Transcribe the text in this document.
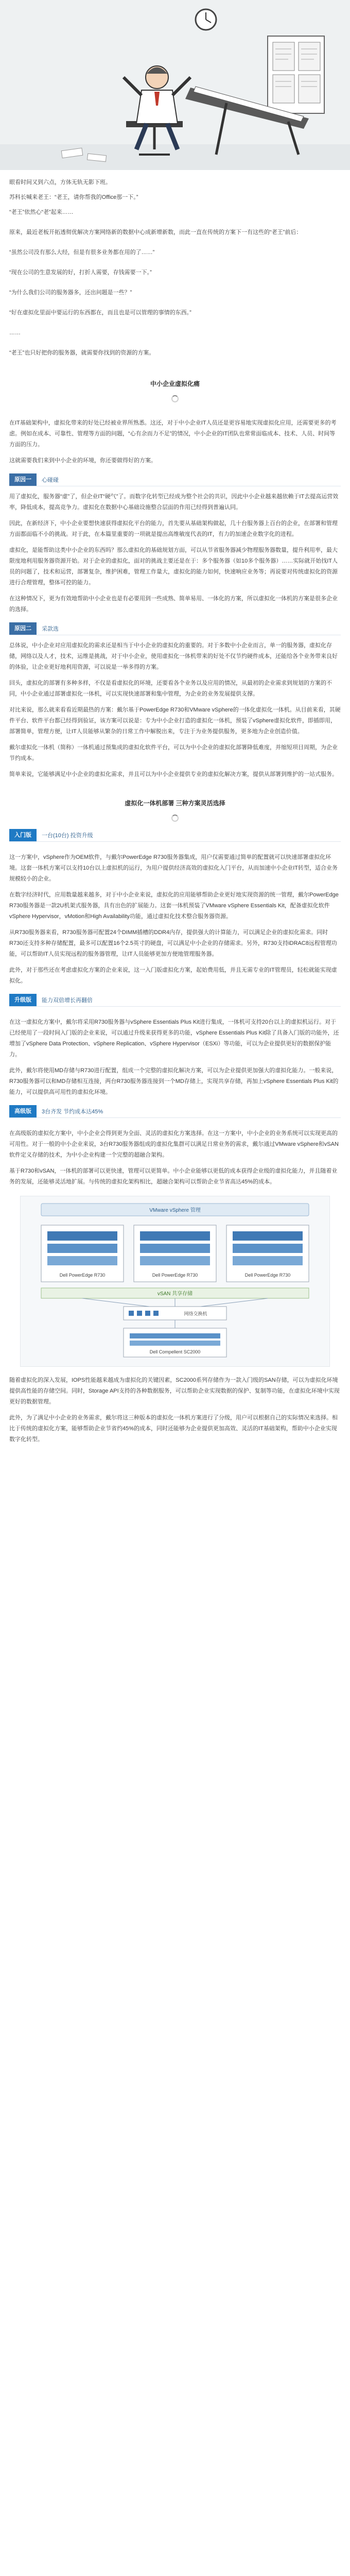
眼看时间又到六点，方体无轨无影下班。

苏科长喊来老王：“老王，请你帮我的Office那一下。”

“老王”依然心“老”起来……

原来，最近老板开拓透彻优解决方案网络新的数据中心成新增新数，而此一直在传统的方案下一有这些的“老王”前后：

“虽然公司没有那么大经，但是有很多业务都在用的了……”

“现在公司的生意发展的好，打折人需要，存钱需要一下。”

“为什么我们公司的服务器多，还出问题是一些？”

“好在虚拟化里面中要运行的东西都在，而且也是可以管理的事情的东西。”

……

“老王”也只好把你的服务器，就需要你找到的资源的方案。

中小企业虚拟化痛

在IT基础架构中，虚拟化带来的好处已经被业界所熟悉。这还，对于中小企业IT人员还是更容易地实现虚拟化应用，还需要更多的考虑。例如在成本、可靠性、管理等方面的问题，“心有余而力不足”的情况，中小企业的IT团队也常常面临成本、技术、人员、时间等方面的压力。

这就需要我们来到中小企业的环境，你还要做得好的方案。

原因一	心碰碰

用了虚拟化，服务器“虚”了，但企业IT“硬气”了。而数字化转型已经成为整个社会的共识，因此中小企业越来越依赖于IT去提高运营效率，降低成本，提高竞争力。虚拟化在数据中心基础设施整合层面的作用已经得到普遍认同。

因此，在新经济下，中小企业要想快速获得虚拟化平台的能力，首先要从基础架构做起，几十台服务器上百台的企业，在部署和管理方面都面临不小的挑战。对于此，在本篇里重要的一项就是提出高维敏度代表的IT，有力的加速企业数字化的进程。

虚拟化，是能帮助这类中小企业的东西吗？那么虚拟化的基础规划方面，可以从节省服务器减少物理服务器数量，提升利用率，最大限度地利用服务器资源开始。对于企业的虚拟化，面对的挑战主要还是在于：多个服务器（如10多个服务器）……实际就开始找IT人员的问题了，技术和运营，部署复杂，维护困难，管理工作量大，虚拟化的能力如何，快速响应业务等；再说要对传统虚拟化的资源进行合理管理，整体可控的能力。

在这种情况下，更为有效地帮助中小企业也是有必要用到一些成熟、简单易用、一体化的方案，所以虚拟化一体机的方案是很多企业的选择。

原因二	采款选

总体说，中小企业对应用虚拟化的需求还是相当于中小企业的虚拟化的重要的。对于多数中小企业而言，单一的服务器，虚拟化存储，网络以及人才，技术，运维是挑战，对于中小企业，使用虚拟化一体机带来的好处不仅节约硬件成本，还能给各个业务带来良好的体验，让企业更好地利用资源，可以说是一举多得的方案。

回头，虚拟化的部署有多种多样，不仅是看虚拟化的环境，还要看各个业务以及应用的情况，从最初的企业需求到规划的方案的不同，中小企业通过部署虚拟化一体机，可以实现快速部署和集中管理，为企业的业务发展提供支撑。

对比来说，那么就来看看近期最热的方案：戴尔基于PowerEdge R730和VMware vSphere的一体化虚拟化一体机。从目前来看，其硬件平台、软件平台都已经得到验证，该方案可以说是：专为中小企业打造的虚拟化一体机，预装了vSphere虚拟化软件，即插即用，部署简单，管理方便，让IT人员能够从繁杂的日常工作中解脱出来，专注于为业务提供服务，更多地为企业创造价值。

戴尔虚拟化一体机（简称）一体机通过预集成的虚拟化软件平台，可以为中小企业的虚拟化部署降低难度，并缩短项目周期，为企业节约成本。

简单来说，它能够满足中小企业的虚拟化需求，并且可以为中小企业提供专业的虚拟化解决方案，提供从部署到维护的一站式服务。

虚拟化一体机部署 三种方案灵活选择
入门版	一台(10台) 投资升级

这一方案中，vSphere作为OEM软件，与戴尔PowerEdge R730服务器集成，用户仅需要通过简单的配置就可以快速部署虚拟化环境。这套一体机方案可以支持10台以上虚拟机的运行，为用户提供经济高效的虚拟化入门平台，从而加速中小企业IT转型，适合业务规模较小的企业。

在数字经济时代，应用数量越来越多，对于中小企业来说，虚拟化的应用能够帮助企业更好地实现资源的统一管理，戴尔PowerEdge R730服务器是一款2U机架式服务器，具有出色的扩展能力。这套一体机预装了VMware vSphere Essentials Kit，配备虚拟化软件vSphere Hypervisor，vMotion和High Availability功能，通过虚拟化技术整合服务器资源。

从R730服务器来看，R730服务器可配置24个DIMM插槽的DDR4内存，提供强大的计算能力，可以满足企业的虚拟化需求。同时R730还支持多种存储配置，最多可以配置16个2.5英寸的硬盘，可以满足中小企业的存储需求。另外，R730支持iDRAC8远程管理功能，可以帮助IT人员实现远程的服务器管理，让IT人员能够更加方便地管理服务器。

此外，对于那些还在考虑虚拟化方案的企业来说，这一入门版虚拟化方案，起始费用低，并且无需专业的IT管理员，轻松就能实现虚拟化。

升级版	能力双倍增长再翻倍

在这一虚拟化方案中，戴尔将采用R730服务器与vSphere Essentials Plus Kit进行集成，一体机可支持20台以上的虚拟机运行。对于已经使用了一段时间入门版的企业来说，可以通过升级来获得更多的功能，vSphere Essentials Plus Kit除了具备入门版的功能外，还增加了vSphere Data Protection、vSphere Replication、vSphere Hypervisor（ESXi）等功能，可以为企业提供更好的数据保护能力。

此外，戴尔将使用MD存储与R730进行配置，组成一个完整的虚拟化解决方案，可以为企业提供更加强大的虚拟化能力。一般来说，R730服务器可以和MD存储相互连接，两台R730服务器连接到一个MD存储上，实现共享存储，再加上vSphere Essentials Plus Kit的能力，可以提供高可用性的虚拟化环境。

高级版	3台齐发 节约成本达45%

在高级版的虚拟化方案中，中小企业会得到更为全面、灵活的虚拟化方案选择。在这一方案中，中小企业的业务系统可以实现更高的可用性。对于一般的中小企业来说，3台R730服务器组成的虚拟化集群可以满足日常业务的需求，戴尔通过VMware vSphere和vSAN软件定义存储的技术，为中小企业构建一个完整的超融合架构。

基于R730和vSAN，一体机的部署可以更快速，管理可以更简单。中小企业能够以更低的成本获得企业级的虚拟化能力，并且随着业务的发展，还能够灵活地扩展。与传统的虚拟化架构相比，超融合架构可以帮助企业节省高达45%的成本。

VMware vSphere 管理
Dell PowerEdge R730	Dell PowerEdge R730	Dell PowerEdge R730
vSAN 共享存储
网络交换机
Dell Compellent SC2000

随着虚拟化的深入发展，IOPS性能越来越成为虚拟化的关键因素，SC2000系列存储作为一款入门级的SAN存储，可以为虚拟化环境提供高性能的存储空间。同时，Storage API支持的各种数据服务，可以帮助企业实现数据的保护、复制等功能，在虚拟化环境中实现更好的数据管理。

此外，为了满足中小企业的业务需求，戴尔将这三种版本的虚拟化一体机方案进行了分级，用户可以根据自己的实际情况来选择。相比于传统的虚拟化方案，能够帮助企业节省约45%的成本，同时还能够为企业提供更加高效、灵活的IT基础架构，帮助中小企业实现数字化转型。
